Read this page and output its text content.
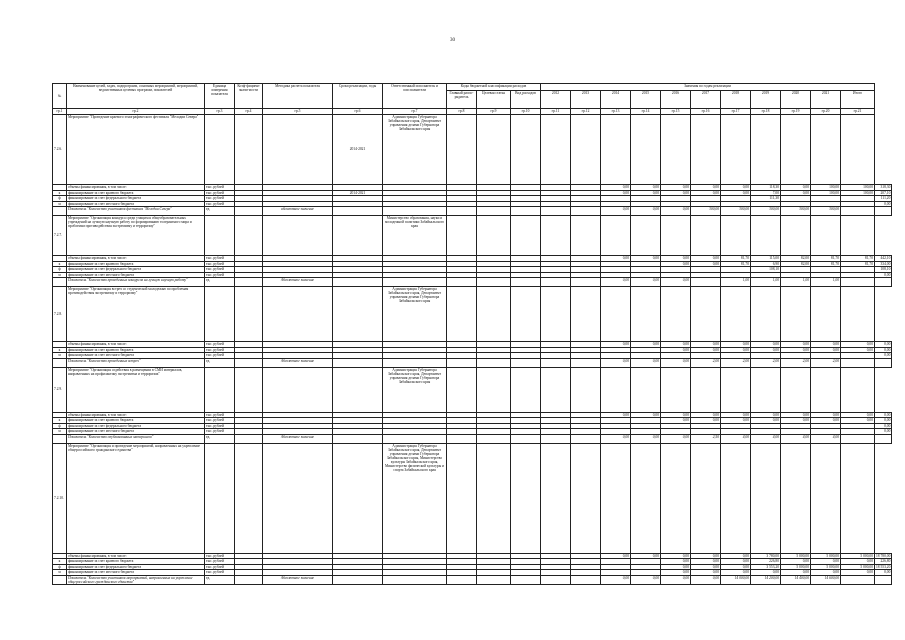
30
№	Наименование целей, задач, подпрограмм, основных мероприятий, мероприятий, ведомственных целевых программ, показателей	Единица измерения показателя	Коэф-фициент значи-мости	Методика расчета показателя	Сроки реализации, годы	Ответственный исполнитель и соисполнители	Коды бюджетной классификации расходов			Значения по годам реализации											
							Главный распо-рядитель	Целевая статья	Вид расходов	2012	2013	2014	2015	2016	2017	2018	2019	2020	2021	Итого	

гр.1	гр.2	гр.3	гр.4	гр.5	гр.6	гр.7	гр.8	гр.9	гр.10	гр.11	гр.12	гр.13	гр.14	гр.15	гр.16	гр.17	гр.18	гр.19	гр.20	гр.21	
7.2.6.	Мероприятие "Проведение краевого этнографического фестиваля "Мелодии Севера"				2014-2021	Администрация Губернатора Забайкальского края, Департамент управления делами Губернатора Забайкальского края															
	объемы финансирования, в том числе:	тыс. рублей										0,00	0,00	0,00	0,00	0,00	118,30	0,00	100,00	100,00	318,30
к	финансирование за счет краевого бюджета	тыс. рублей			2014-2021							0,00	0,00	0,00	0,00	0,00	7,00	0,00	100,00	100,00	207,10
ф	финансирование за счет федерального бюджета	тыс. рублей															111,30				111,20
м	финансирование за счет местного бюджета	тыс. рублей																			0,00
	Показатель "Количество участников фестиваля "Мелодии Севера"	ед.		абсолютное значение								0,00	0,00	0,00	300,00	300,00	300,00	300,00	300,00		
7.2.7.	Мероприятие "Организация конкурса среди учащихся общеобразовательных учреждений на лучшую научную работу по формированию толерантного мира и проблемам противодействия экстремизму и терроризму"					Министерство образования, науки и молодежной политики Забайкальского края															
	объемы финансирования, в том числе:	тыс. рублей										0,00	0,00	0,00	0,00	81,70	115,00	82,00	81,70	81,70	442,10
к	финансирование за счет краевого бюджета	тыс. рублей												0,00	0,00	81,70	6,90	82,00	81,70	81,70	334,00
ф	финансирование за счет федерального бюджета	тыс. рублей															108,10				108,10
м	финансирование за счет местного бюджета	тыс. рублей																			0,00
	Показатель "Количество проведенных конкурсов на лучшую научную работу"	ед.		Абсолютное значение								0,00	0,00	0,00		1,00	1,00	1,00	1,00		
7.2.8.	Мероприятие "Организация встреч со студенческой молодежью по проблемам противодействия экстремизму и терроризму"					Администрация Губернатора Забайкальского края, Департамент управления делами Губернатора Забайкальского края															
	объемы финансирования, в том числе:	тыс. рублей										0,00	0,00	0,00	0,00	0,00	0,00	0,00	0,00	0,00	0,00
к	финансирование за счет краевого бюджета	тыс. рублей												0,00	0,00	0,00	0,00	0,00	0,00	0,00	0,00
м	финансирование за счет местного бюджета	тыс. рублей																			0,00
	Показатель "Количество проведенных встреч"	ед.		Абсолютное значение								0,00	0,00	0,00	2,00	2,00	2,00	2,00	2,00		
7.2.9.	Мероприятие "Организация содействия в размещении в СМИ материалов, направленных на профилактику экстремизма и терроризма"					Администрация Губернатора Забайкальского края, Департамент управления делами Губернатора Забайкальского края															
	объемы финансирования, в том числе:	тыс. рублей										0,00	0,00	0,00	0,00	0,00	0,00	0,00	0,00	0,00	0,00
к	финансирование за счет краевого бюджета	тыс. рублей												0,00	0,00	0,00	0,00	0,00	0,00	0,00	0,00
ф	финансирование за счет федерального бюджета	тыс. рублей																			0,00
м	финансирование за счет местного бюджета	тыс. рублей																			0,00
	Показатель "Количество опубликованных материалов"	ед.		Абсолютное значение								0,00	0,00	0,00	2,50	4,00	4,00	4,00	4,00		
7.2.10.	Мероприятие "Организация и проведение мероприятий, направленных на укрепление общероссийского гражданского единства"					Администрация Губернатора Забайкальского края, Департамент управления делами Губернатора Забайкальского края, Министерство культуры Забайкальского края, Министерство физической культуры и спорта Забайкальского края															
	объемы финансирования, в том числе:	тыс. рублей										0,00	0,00	0,00	0,00	0,00	3 780,00	5 000,00	5 000,00	5 000,00	18 780,00
к	финансирование за счет краевого бюджета	тыс. рублей												0,00	0,00	0,00	226,80	0,00	0,00	0,00	226,80
ф	финансирование за счет федерального бюджета	тыс. рублей												0,00	0,00	0,00	3 553,20	5 000,00	5 000,00	5 000,00	18 553,20
м	финансирование за счет местного бюджета	тыс. рублей												0,00	0,00	0,00	0,00	0,00	0,00	0,00	0,00
	Показатель "Количество участников мероприятий, направленных на укрепление общероссийского гражданского единства"	ед.		Абсолютное значение								0,00	0,00	0,00	0,00	14 000,00	14 200,00	14 400,00	14 600,00		
